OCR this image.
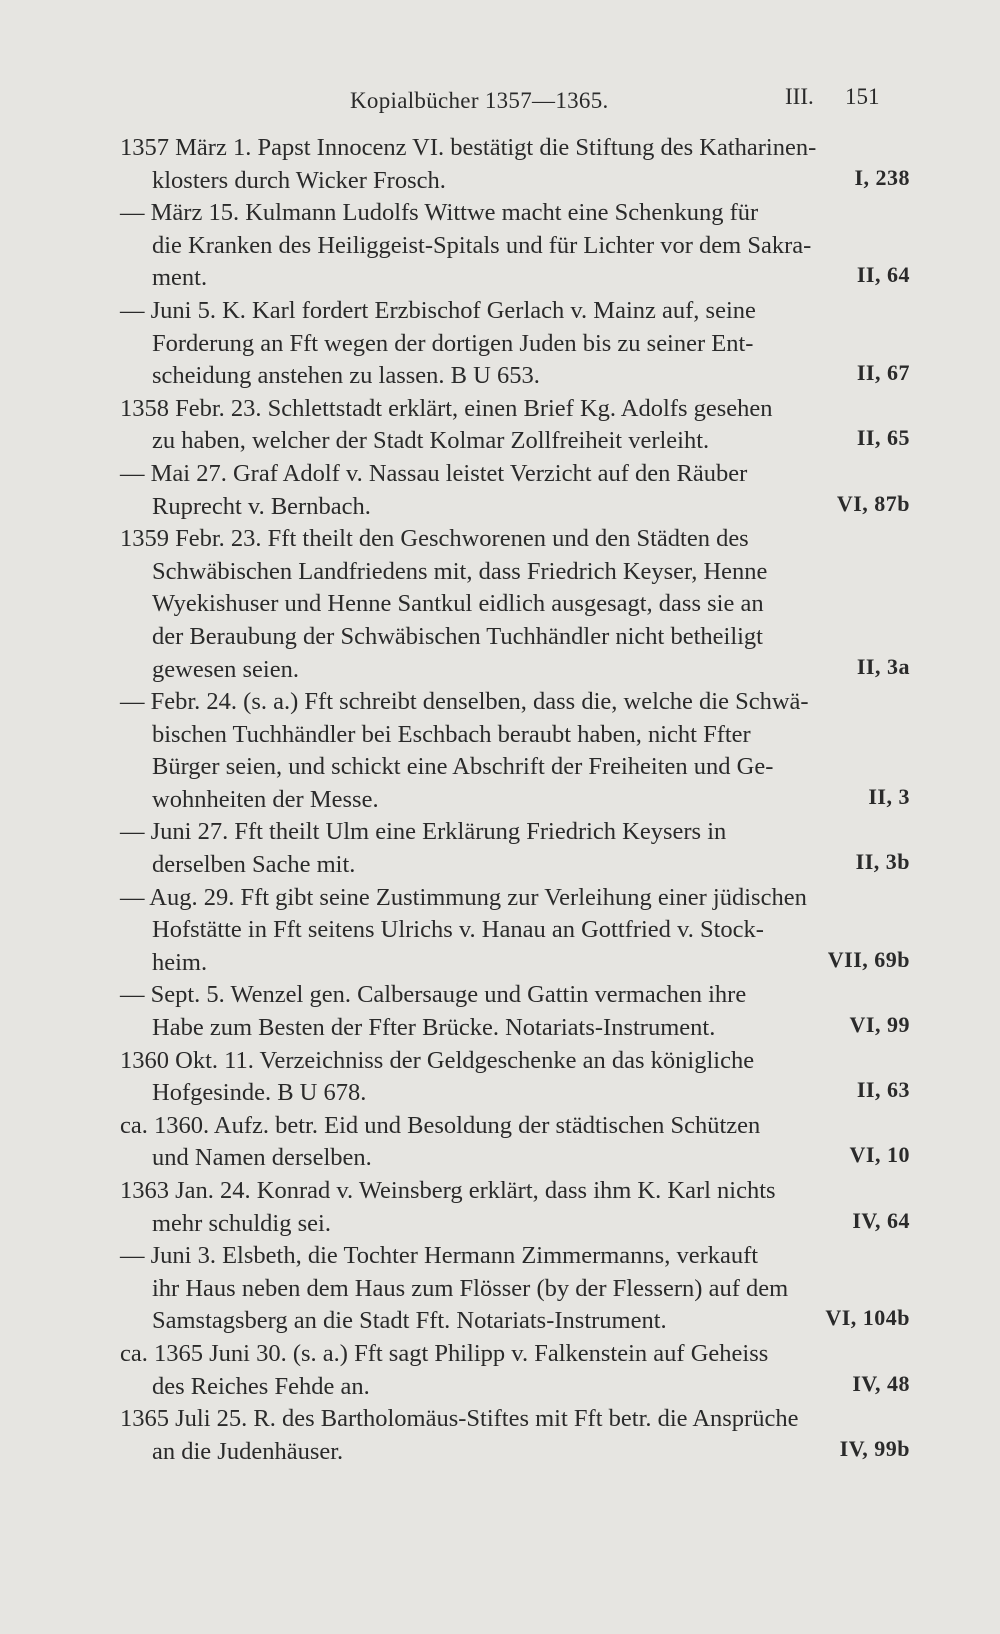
Kopialbücher 1357—1365.	III. 151
1357 März 1. Papst Innocenz VI. bestätigt die Stiftung des Katharinen-
klosters durch Wicker Frosch.	I, 238
— März 15. Kulmann Ludolfs Wittwe macht eine Schenkung für
die Kranken des Heiliggeist-Spitals und für Lichter vor dem Sakra-
ment.	II, 64
— Juni 5. K. Karl fordert Erzbischof Gerlach v. Mainz auf, seine
Forderung an Fft wegen der dortigen Juden bis zu seiner Ent-
scheidung anstehen zu lassen. B U 653.	II, 67
1358 Febr. 23. Schlettstadt erklärt, einen Brief Kg. Adolfs gesehen
zu haben, welcher der Stadt Kolmar Zollfreiheit verleiht.	II, 65
— Mai 27. Graf Adolf v. Nassau leistet Verzicht auf den Räuber
Ruprecht v. Bernbach.	VI, 87b
1359 Febr. 23. Fft theilt den Geschworenen und den Städten des
Schwäbischen Landfriedens mit, dass Friedrich Keyser, Henne
Wyekishuser und Henne Santkul eidlich ausgesagt, dass sie an
der Beraubung der Schwäbischen Tuchhändler nicht betheiligt
gewesen seien.	II, 3a
— Febr. 24. (s. a.) Fft schreibt denselben, dass die, welche die Schwä-
bischen Tuchhändler bei Eschbach beraubt haben, nicht Ffter
Bürger seien, und schickt eine Abschrift der Freiheiten und Ge-
wohnheiten der Messe.	II, 3
— Juni 27. Fft theilt Ulm eine Erklärung Friedrich Keysers in
derselben Sache mit.	II, 3b
— Aug. 29. Fft gibt seine Zustimmung zur Verleihung einer jüdischen
Hofstätte in Fft seitens Ulrichs v. Hanau an Gottfried v. Stock-
heim.	VII, 69b
— Sept. 5. Wenzel gen. Calbersauge und Gattin vermachen ihre
Habe zum Besten der Ffter Brücke. Notariats-Instrument.	VI, 99
1360 Okt. 11. Verzeichniss der Geldgeschenke an das königliche
Hofgesinde. B U 678.	II, 63
ca. 1360. Aufz. betr. Eid und Besoldung der städtischen Schützen
und Namen derselben.	VI, 10
1363 Jan. 24. Konrad v. Weinsberg erklärt, dass ihm K. Karl nichts
mehr schuldig sei.	IV, 64
— Juni 3. Elsbeth, die Tochter Hermann Zimmermanns, verkauft
ihr Haus neben dem Haus zum Flösser (by der Flessern) auf dem
Samstagsberg an die Stadt Fft. Notariats-Instrument.	VI, 104b
ca. 1365 Juni 30. (s. a.) Fft sagt Philipp v. Falkenstein auf Geheiss
des Reiches Fehde an.	IV, 48
1365 Juli 25. R. des Bartholomäus-Stiftes mit Fft betr. die Ansprüche
an die Judenhäuser.	IV, 99b
